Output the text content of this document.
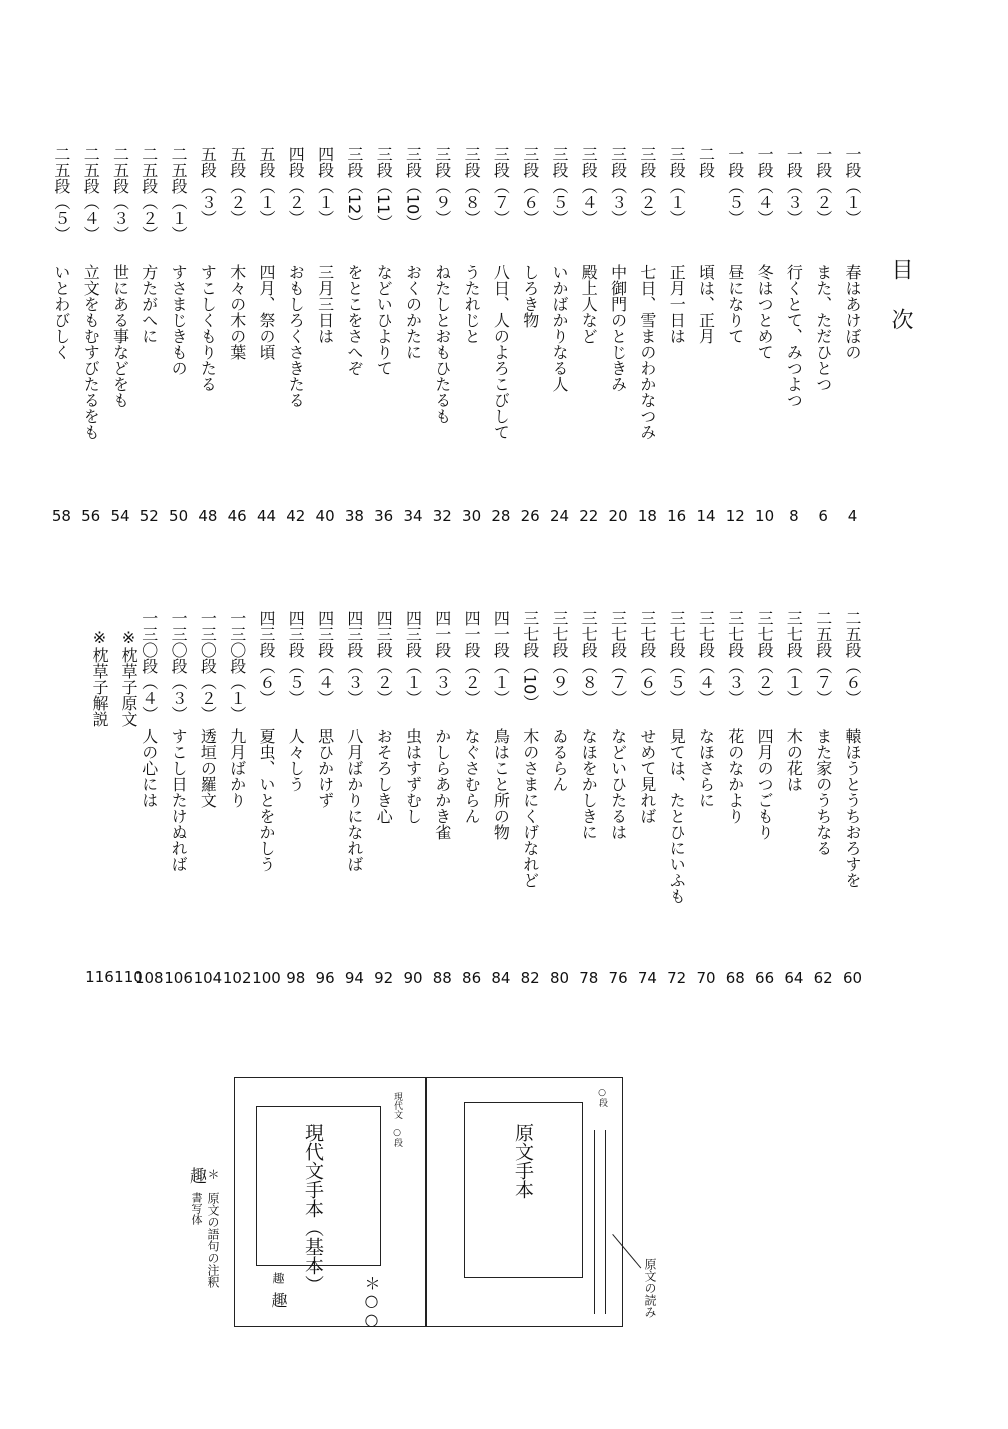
目次
一段（１）
春はあけぼの
4
一段（２）
また、ただひとつ
6
一段（３）
行くとて、みつよつ
8
一段（４）
冬はつとめて
10
一段（５）
昼になりて
12
二段
頃は、正月
14
三段（１）
正月一日は
16
三段（２）
七日、雪まのわかなつみ
18
三段（３）
中御門のとじきみ
20
三段（４）
殿上人など
22
三段（５）
いかばかりなる人
24
三段（６）
しろき物
26
三段（７）
八日、人のよろこびして
28
三段（８）
うたれじと
30
三段（９）
ねたしとおもひたるも
32
三段（10）
おくのかたに
34
三段（11）
などいひよりて
36
三段（12）
をとこをさへぞ
38
四段（１）
三月三日は
40
四段（２）
おもしろくさきたる
42
五段（１）
四月、祭の頃
44
五段（２）
木々の木の葉
46
五段（３）
すこしくもりたる
48
二五段（１）
すさまじきもの
50
二五段（２）
方たがへに
52
二五段（３）
世にある事などをも
54
二五段（４）
立文をもむすびたるをも
56
二五段（５）
いとわびしく
58
二五段（６）
轅ほうとうちおろすを
60
二五段（７）
また家のうちなる
62
三七段（１）
木の花は
64
三七段（２）
四月のつごもり
66
三七段（３）
花のなかより
68
三七段（４）
なほさらに
70
三七段（５）
見ては、たとひにいふも
72
三七段（６）
せめて見れば
74
三七段（７）
などいひたるは
76
三七段（８）
なほをかしきに
78
三七段（９）
ゐるらん
80
三七段（10）
木のさまにくげなれど
82
四一段（１）
鳥はこと所の物
84
四一段（２）
なぐさむらん
86
四一段（３）
かしらあかき雀
88
四三段（１）
虫はすずむし
90
四三段（２）
おそろしき心
92
四三段（３）
八月ばかりになれば
94
四三段（４）
思ひかけず
96
四三段（５）
人々しう
98
四三段（６）
夏虫、いとをかしう
100
一三〇段（１）
九月ばかり
102
一三〇段（２）
透垣の羅文
104
一三〇段（３）
すこし日たけぬれば
106
一三〇段（４）
人の心には
108
※枕草子原文
※枕草子解説
現代文手本（基本）
現代文　○段
＊○○
趣
趣
原文手本
○段
原文の読み
＊　原文の語句の注釈
趣
書写体
110
116
